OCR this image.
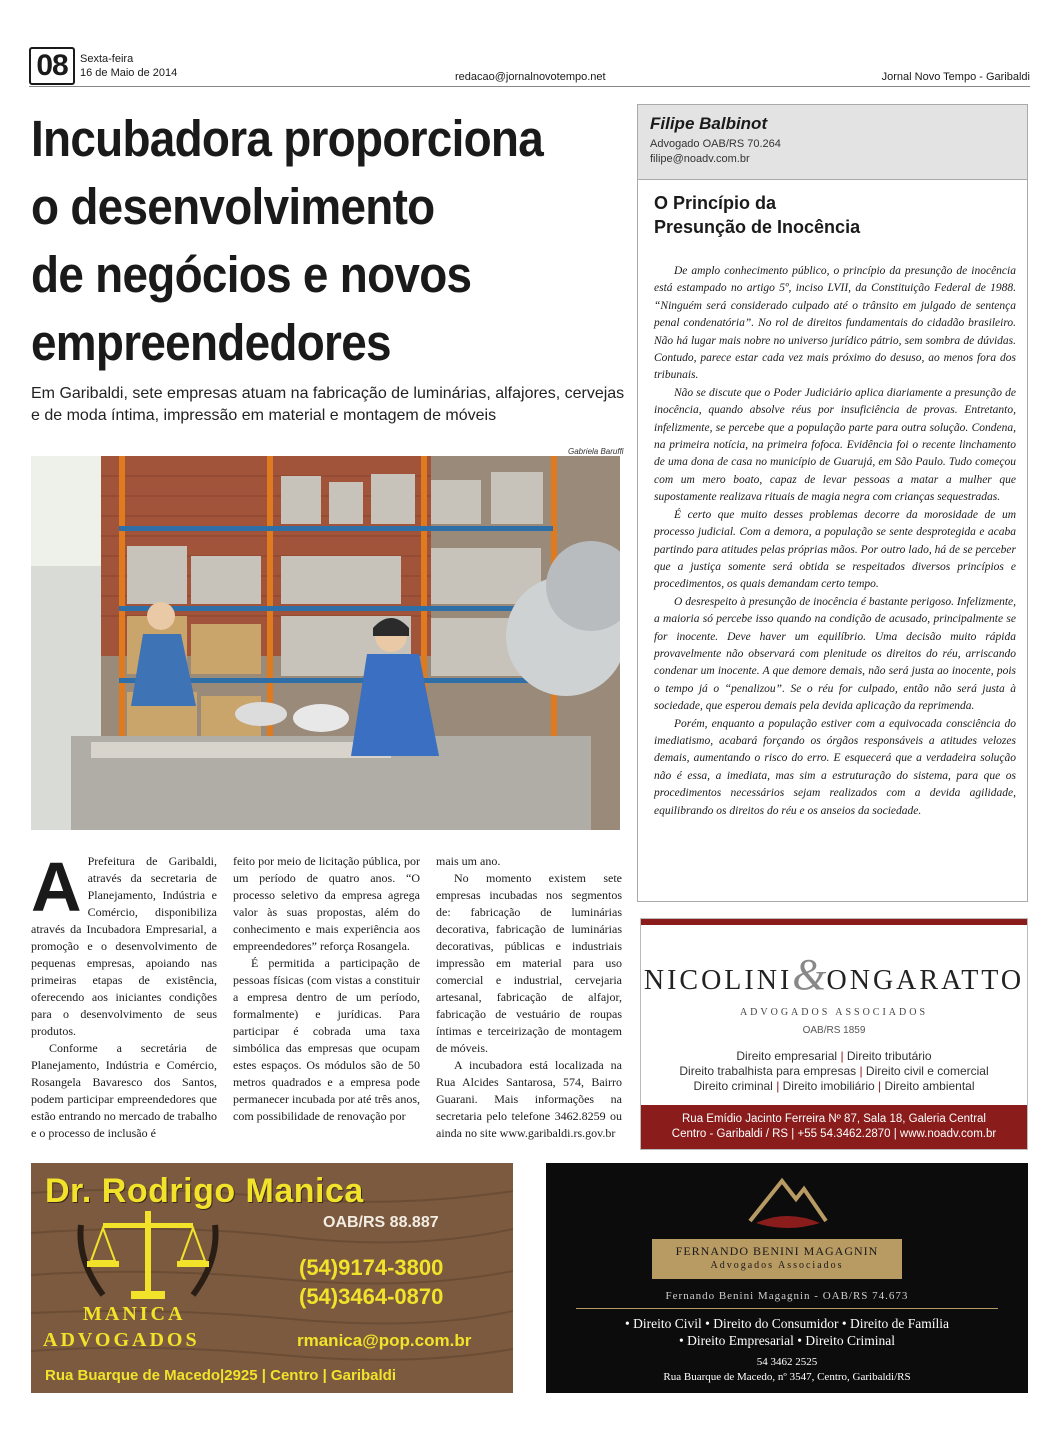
08	Sexta-feira
16 de Maio de 2014	redacao@jornalnovotempo.net	Jornal Novo Tempo - Garibaldi
Incubadora proporciona
o desenvolvimento
de negócios e novos
empreendedores
Em Garibaldi, sete empresas atuam na fabricação de luminárias, alfajores, cervejas e de moda íntima, impressão em material e montagem de móveis
Gabriela Baruffi

A Prefeitura de Garibaldi, através da secretaria de Planejamento, Indústria e Comércio, disponibiliza através da Incubadora Empresarial, a promoção e o desenvolvimento de pequenas empresas, apoiando nas primeiras etapas de existência, oferecendo aos iniciantes condições para o desenvolvimento de seus produtos.

Conforme a secretária de Planejamento, Indústria e Comércio, Rosangela Bavaresco dos Santos, podem participar empreendedores que estão entrando no mercado de trabalho e o processo de inclusão é

feito por meio de licitação pública, por um período de quatro anos. “O processo seletivo da empresa agrega valor às suas propostas, além do conhecimento e mais experiência aos empreendedores” reforça Rosangela.

É permitida a participação de pessoas físicas (com vistas a constituir a empresa dentro de um período, formalmente) e jurídicas. Para participar é cobrada uma taxa simbólica das empresas que ocupam estes espaços. Os módulos são de 50 metros quadrados e a empresa pode permanecer incubada por até três anos, com possibilidade de renovação por

mais um ano.

No momento existem sete empresas incubadas nos segmentos de: fabricação de luminárias decorativa, fabricação de luminárias decorativas, públicas e industriais impressão em material para uso comercial e industrial, cervejaria artesanal, fabricação de alfajor, fabricação de vestuário de roupas íntimas e terceirização de montagem de móveis.

A incubadora está localizada na Rua Alcides Santarosa, 574, Bairro Guarani. Mais informações na secretaria pelo telefone 3462.8259 ou ainda no site www.garibaldi.rs.gov.br

Filipe Balbinot
Advogado OAB/RS 70.264
filipe@noadv.com.br
O Princípio da
Presunção de Inocência

De amplo conhecimento público, o princípio da presunção de inocência está estampado no artigo 5º, inciso LVII, da Constituição Federal de 1988. “Ninguém será considerado culpado até o trânsito em julgado de sentença penal condenatória”. No rol de direitos fundamentais do cidadão brasileiro. Não há lugar mais nobre no universo jurídico pátrio, sem sombra de dúvidas. Contudo, parece estar cada vez mais próximo do desuso, ao menos fora dos tribunais.

Não se discute que o Poder Judiciário aplica diariamente a presunção de inocência, quando absolve réus por insuficiência de provas. Entretanto, infelizmente, se percebe que a população parte para outra solução. Condena, na primeira notícia, na primeira fofoca. Evidência foi o recente linchamento de uma dona de casa no município de Guarujá, em São Paulo. Tudo começou com um mero boato, capaz de levar pessoas a matar a mulher que supostamente realizava rituais de magia negra com crianças sequestradas.

É certo que muito desses problemas decorre da morosidade de um processo judicial. Com a demora, a população se sente desprotegida e acaba partindo para atitudes pelas próprias mãos. Por outro lado, há de se perceber que a justiça somente será obtida se respeitados diversos princípios e procedimentos, os quais demandam certo tempo.

O desrespeito à presunção de inocência é bastante perigoso. Infelizmente, a maioria só percebe isso quando na condição de acusado, principalmente se for inocente. Deve haver um equilíbrio. Uma decisão muito rápida provavelmente não observará com plenitude os direitos do réu, arriscando condenar um inocente. A que demore demais, não será justa ao inocente, pois o tempo já o “penalizou”. Se o réu for culpado, então não será justa à sociedade, que esperou demais pela devida aplicação da reprimenda.

Porém, enquanto a população estiver com a equivocada consciência do imediatismo, acabará forçando os órgãos responsáveis a atitudes velozes demais, aumentando o risco do erro. E esquecerá que a verdadeira solução não é essa, a imediata, mas sim a estruturação do sistema, para que os procedimentos necessários sejam realizados com a devida agilidade, equilibrando os direitos do réu e os anseios da sociedade.

NICOLINI&ONGARATTO
ADVOGADOS ASSOCIADOS
OAB/RS 1859
Direito empresarial | Direito tributário
Direito trabalhista para empresas | Direito civil e comercial
Direito criminal | Direito imobiliário | Direito ambiental
Rua Emídio Jacinto Ferreira Nº 87, Sala 18, Galeria Central
Centro - Garibaldi / RS | +55 54.3462.2870 | www.noadv.com.br
Dr. Rodrigo Manica
OAB/RS 88.887
(54)9174-3800
(54)3464-0870
MANICA
ADVOGADOS	rmanica@pop.com.br
Rua Buarque de Macedo|2925 | Centro | Garibaldi
FERNANDO BENINI MAGAGNIN
Advogados Associados
Fernando Benini Magagnin - OAB/RS 74.673
• Direito Civil • Direito do Consumidor • Direito de Família
• Direito Empresarial • Direito Criminal
54 3462 2525
Rua Buarque de Macedo, nº 3547, Centro, Garibaldi/RS
